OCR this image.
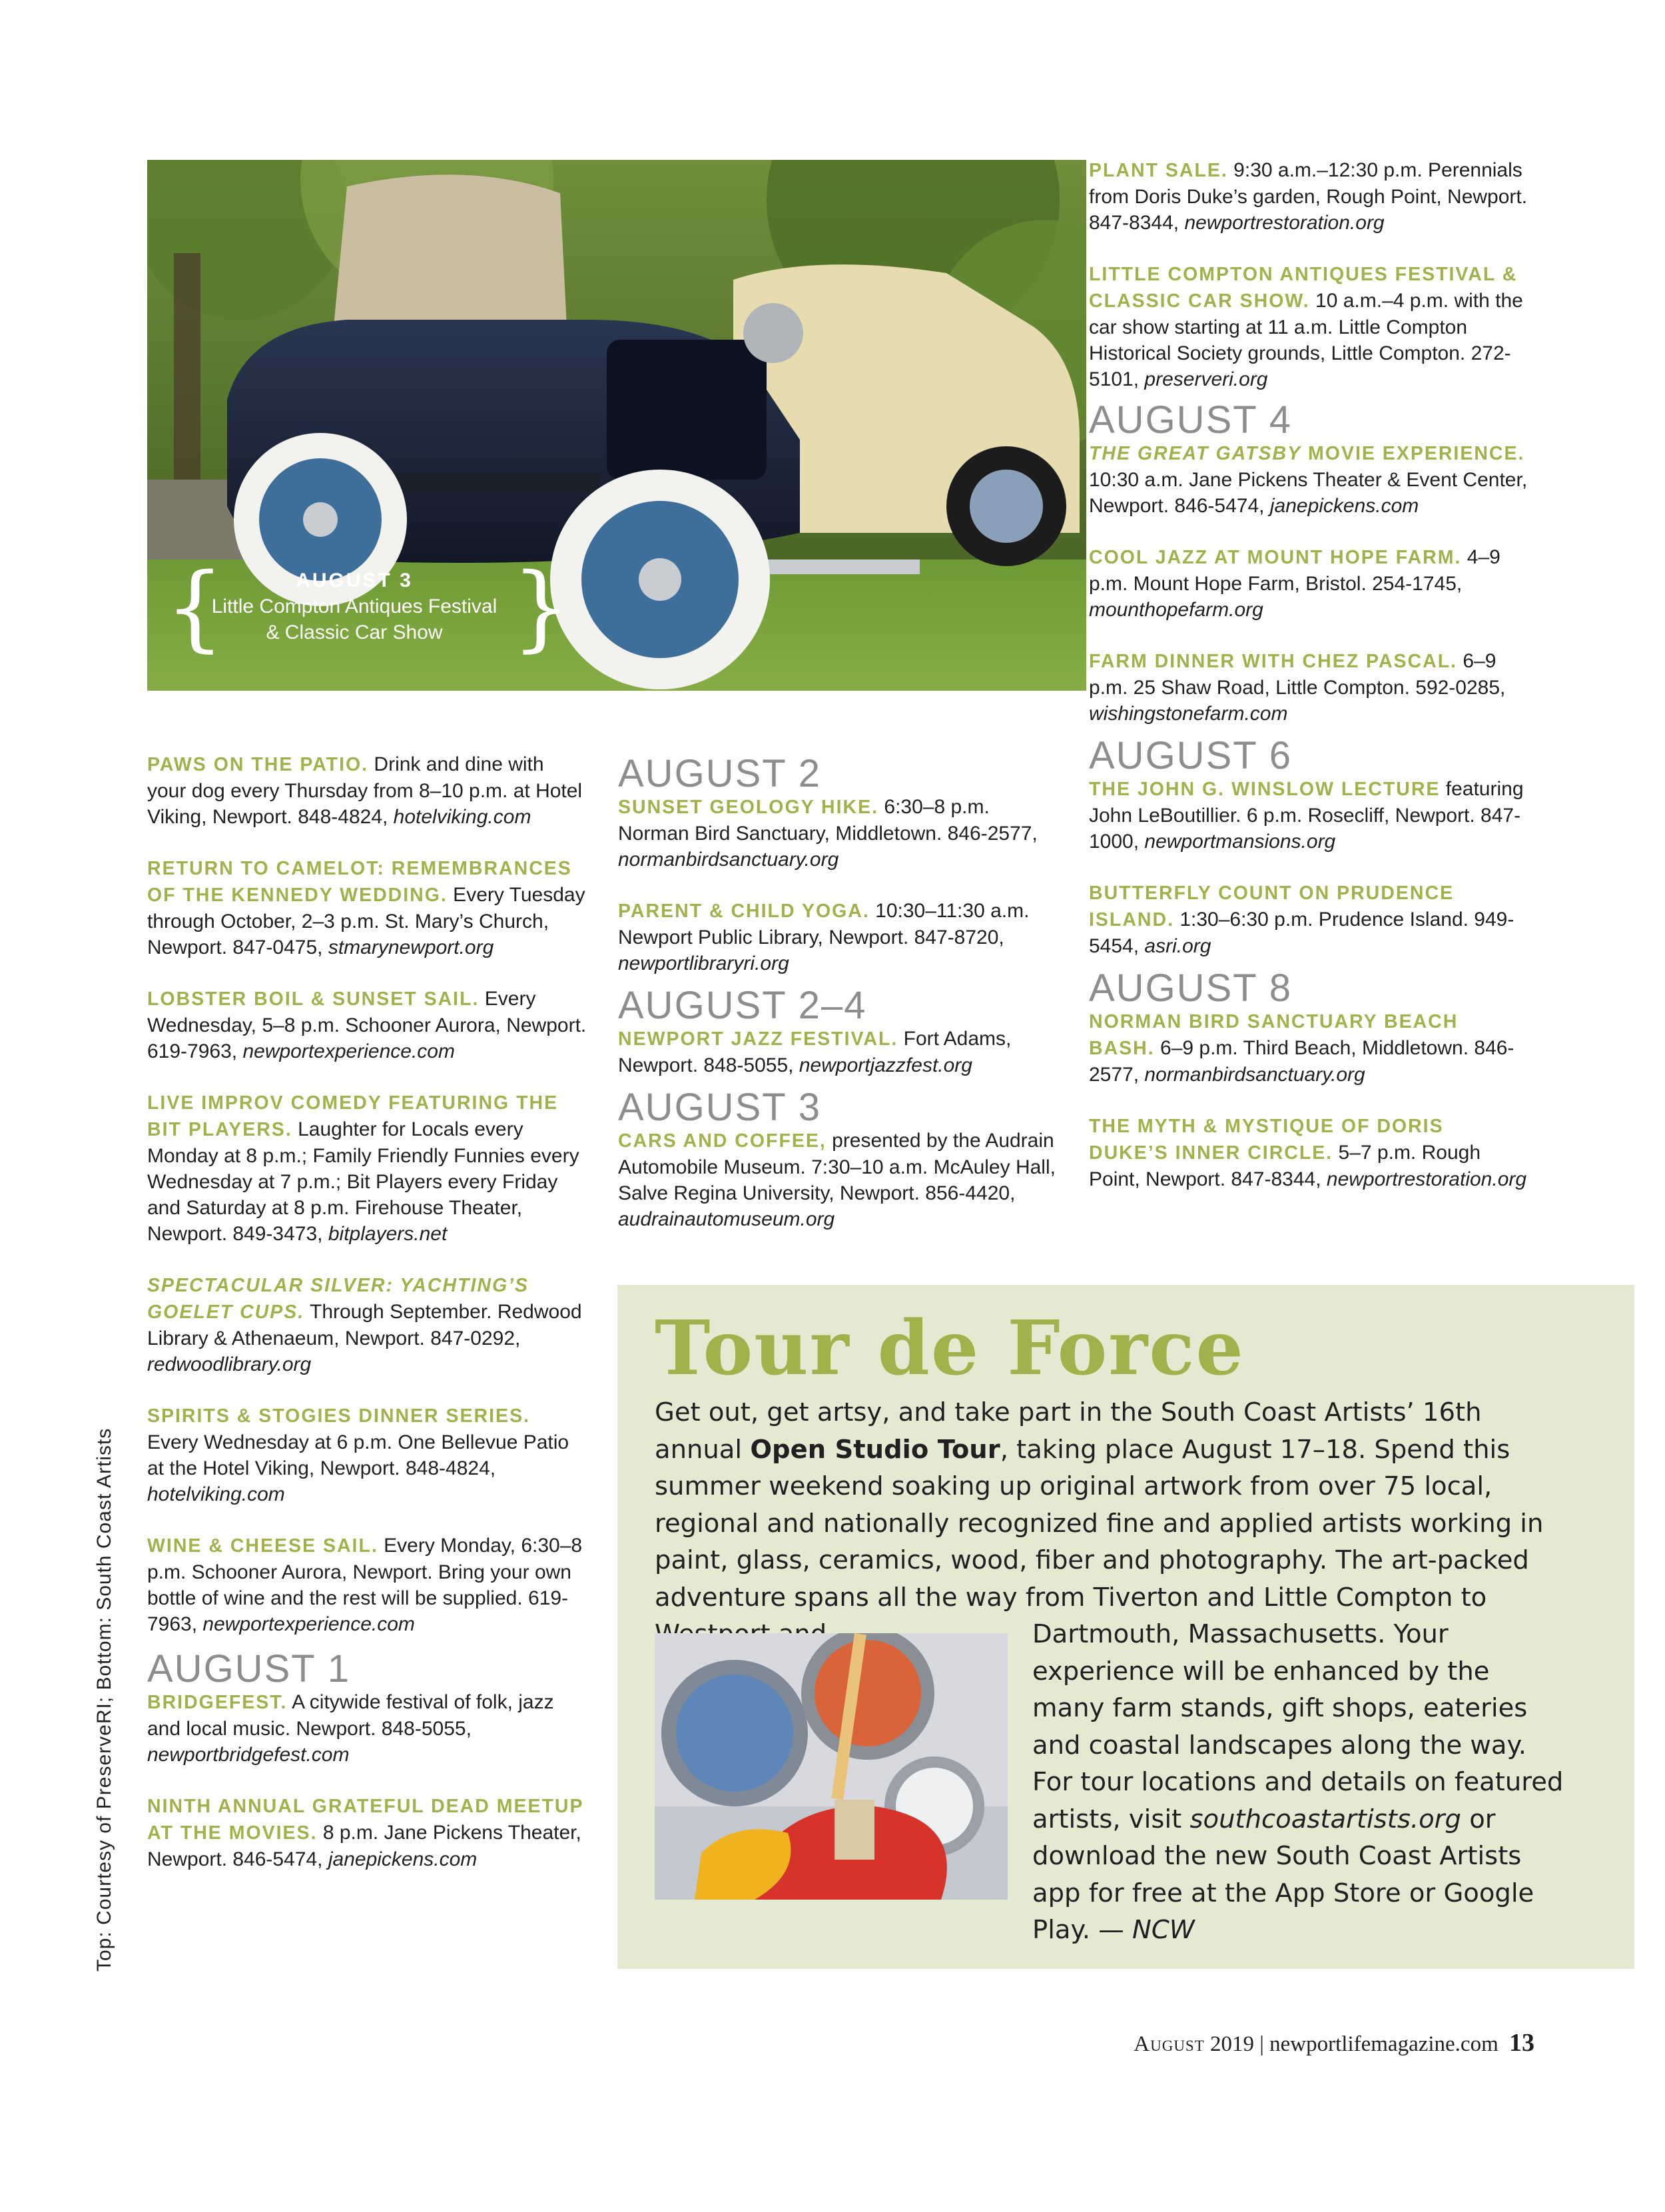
{	}
AUGUST 3
Little Compton Antiques Festival
& Classic Car Show
PAWS ON THE PATIO. Drink and dine with your dog every Thursday from 8–10 p.m. at Hotel Viking, Newport. 848-4824, hotelviking.com
RETURN TO CAMELOT: REMEMBRANCES OF THE KENNEDY WEDDING. Every Tuesday through October, 2–3 p.m. St. Mary’s Church, Newport. 847-0475, stmarynewport.org
LOBSTER BOIL & SUNSET SAIL. Every Wednesday, 5–8 p.m. Schooner Aurora, Newport. 619-7963, newportexperience.com
LIVE IMPROV COMEDY FEATURING THE BIT PLAYERS. Laughter for Locals every Monday at 8 p.m.; Family Friendly Funnies every Wednesday at 7 p.m.; Bit Players every Friday and Saturday at 8 p.m. Firehouse Theater, Newport. 849-3473, bitplayers.net
SPECTACULAR SILVER: YACHTING’S GOELET CUPS. Through September. Redwood Library & Athenaeum, Newport. 847-0292, redwoodlibrary.org
SPIRITS & STOGIES DINNER SERIES. Every Wednesday at 6 p.m. One Bellevue Patio at the Hotel Viking, Newport. 848-4824, hotelviking.com
WINE & CHEESE SAIL. Every Monday, 6:30–8 p.m. Schooner Aurora, Newport. Bring your own bottle of wine and the rest will be supplied. 619-7963, newportexperience.com
AUGUST 1
BRIDGEFEST. A citywide festival of folk, jazz and local music. Newport. 848-5055, newportbridgefest.com
NINTH ANNUAL GRATEFUL DEAD MEETUP AT THE MOVIES. 8 p.m. Jane Pickens Theater, Newport. 846-5474, janepickens.com
AUGUST 2
SUNSET GEOLOGY HIKE. 6:30–8 p.m. Norman Bird Sanctuary, Middletown. 846-2577, normanbirdsanctuary.org
PARENT & CHILD YOGA. 10:30–11:30 a.m. Newport Public Library, Newport. 847-8720, newportlibraryri.org
AUGUST 2–4
NEWPORT JAZZ FESTIVAL. Fort Adams, Newport. 848-5055, newportjazzfest.org
AUGUST 3
CARS AND COFFEE, presented by the Audrain Automobile Museum. 7:30–10 a.m. McAuley Hall, Salve Regina University, Newport. 856-4420, audrainautomuseum.org
PLANT SALE. 9:30 a.m.–12:30 p.m. Perennials from Doris Duke’s garden, Rough Point, Newport. 847-8344, newportrestoration.org
LITTLE COMPTON ANTIQUES FESTIVAL & CLASSIC CAR SHOW. 10 a.m.–4 p.m. with the car show starting at 11 a.m. Little Compton Historical Society grounds, Little Compton. 272-5101, preserveri.org
AUGUST 4
THE GREAT GATSBY MOVIE EXPERIENCE. 10:30 a.m. Jane Pickens Theater & Event Center, Newport. 846-5474, janepickens.com
COOL JAZZ AT MOUNT HOPE FARM. 4–9 p.m. Mount Hope Farm, Bristol. 254-1745, mounthopefarm.org
FARM DINNER WITH CHEZ PASCAL. 6–9 p.m. 25 Shaw Road, Little Compton. 592-0285, wishingstonefarm.com
AUGUST 6
THE JOHN G. WINSLOW LECTURE featuring John LeBoutillier. 6 p.m. Rosecliff, Newport. 847-1000, newportmansions.org
BUTTERFLY COUNT ON PRUDENCE ISLAND. 1:30–6:30 p.m. Prudence Island. 949-5454, asri.org
AUGUST 8
NORMAN BIRD SANCTUARY BEACH BASH. 6–9 p.m. Third Beach, Middletown. 846-2577, normanbirdsanctuary.org
THE MYTH & MYSTIQUE OF DORIS DUKE’S INNER CIRCLE. 5–7 p.m. Rough Point, Newport. 847-8344, newportrestoration.org
Tour de Force
Get out, get artsy, and take part in the South Coast Artists’ 16th annual Open Studio Tour, taking place August 17–18. Spend this summer weekend soaking up original artwork from over 75 local, regional and nationally recognized fine and applied artists working in paint, glass, ceramics, wood, fiber and photography. The art-packed adventure spans all the way from Tiverton and Little Compton to
Dartmouth, Massachusetts. Your experience will be enhanced by the many farm stands, gift shops, eateries and coastal landscapes along the way. For tour locations and details on featured artists, visit southcoastartists.org or download the new South Coast Artists app for free at the App Store or Google Play. — NCW
Top: Courtesy of PreserveRI; Bottom: South Coast Artists
August 2019 | newportlifemagazine.com 13
